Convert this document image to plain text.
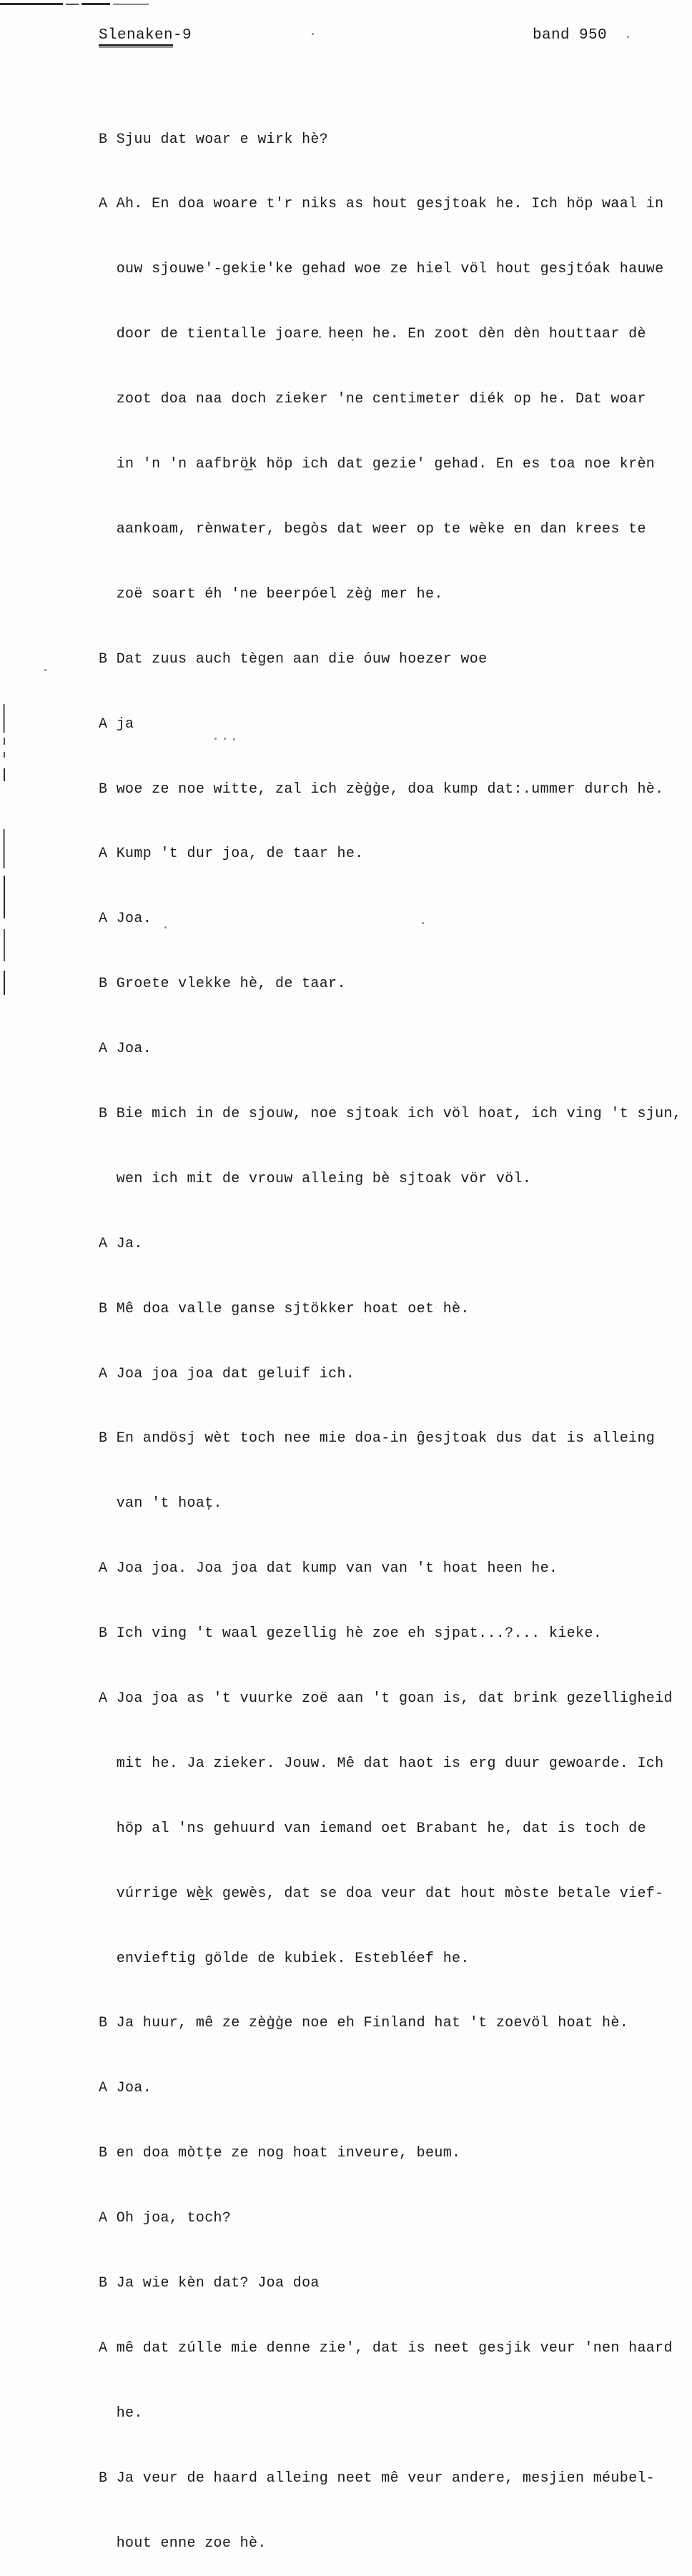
Slenaken-9	band 950

B Sjuu dat woar e wirk hè?

A Ah. En doa woare t'r niks as hout gesjtoak he. Ich höp waal in

ouw sjouwe'-gekie'ke gehad woe ze hiel völ hout gesjtóak hauwe

door de tientalle joare heen he. En zoot dèn dèn houttaar dè

zoot doa naa doch zieker 'ne centimeter diék op he. Dat woar

in 'n 'n aafbrö̲k höp ich dat gezie' gehad. En es toa noe krèn

aankoam, rènwater, begòs dat weer op te wèke en dan krees te

zoë soart éh 'ne beerpóel zèg̀ mer he.

B Dat zuus auch tègen aan die óuw hoezer woe

A ja

B woe ze noe witte, zal ich zèg̀g̀e, doa kump dat:.ummer durch hè.

A Kump 't dur joa, de taar he.

A Joa.

B Groete vlekke hè, de taar.

A Joa.

B Bie mich in de sjouw, noe sjtoak ich völ hoat, ich ving 't sjun,

wen ich mit de vrouw alleing bè sjtoak vör völ.

A Ja.

B Mê doa valle ganse sjtökker hoat oet hè.

A Joa joa joa dat geluif ich.

B En andösj wèt toch nee mie doa-in ĝesjtoak dus dat is alleing

van 't hoaţ.

A Joa joa. Joa joa dat kump van van 't hoat heen he.

B Ich ving 't waal gezellig hè zoe eh sjpat...?... kieke.

A Joa joa as 't vuurke zoë aan 't goan is, dat brink gezelligheid

mit he. Ja zieker. Jouw. Mê dat haot is erg duur gewoarde. Ich

höp al 'ns gehuurd van iemand oet Brabant he, dat is toch de

vúrrige wè̲k gewès, dat se doa veur dat hout mòste betale vief-

envieftig gölde de kubiek. Estebléef he.

B Ja huur, mê ze zèg̀g̀e noe eh Finland hat 't zoevöl hoat hè.

A Joa.

B en doa mòtţe ze nog hoat inveure, beum.

A Oh joa, toch?

B Ja wie kèn dat? Joa doa

A mê dat zúlle mie denne zie', dat is neet gesjik veur 'nen haard

he.

B Ja veur de haard alleing neet mê veur andere, mesjien méubel-

hout enne zoe hè.
